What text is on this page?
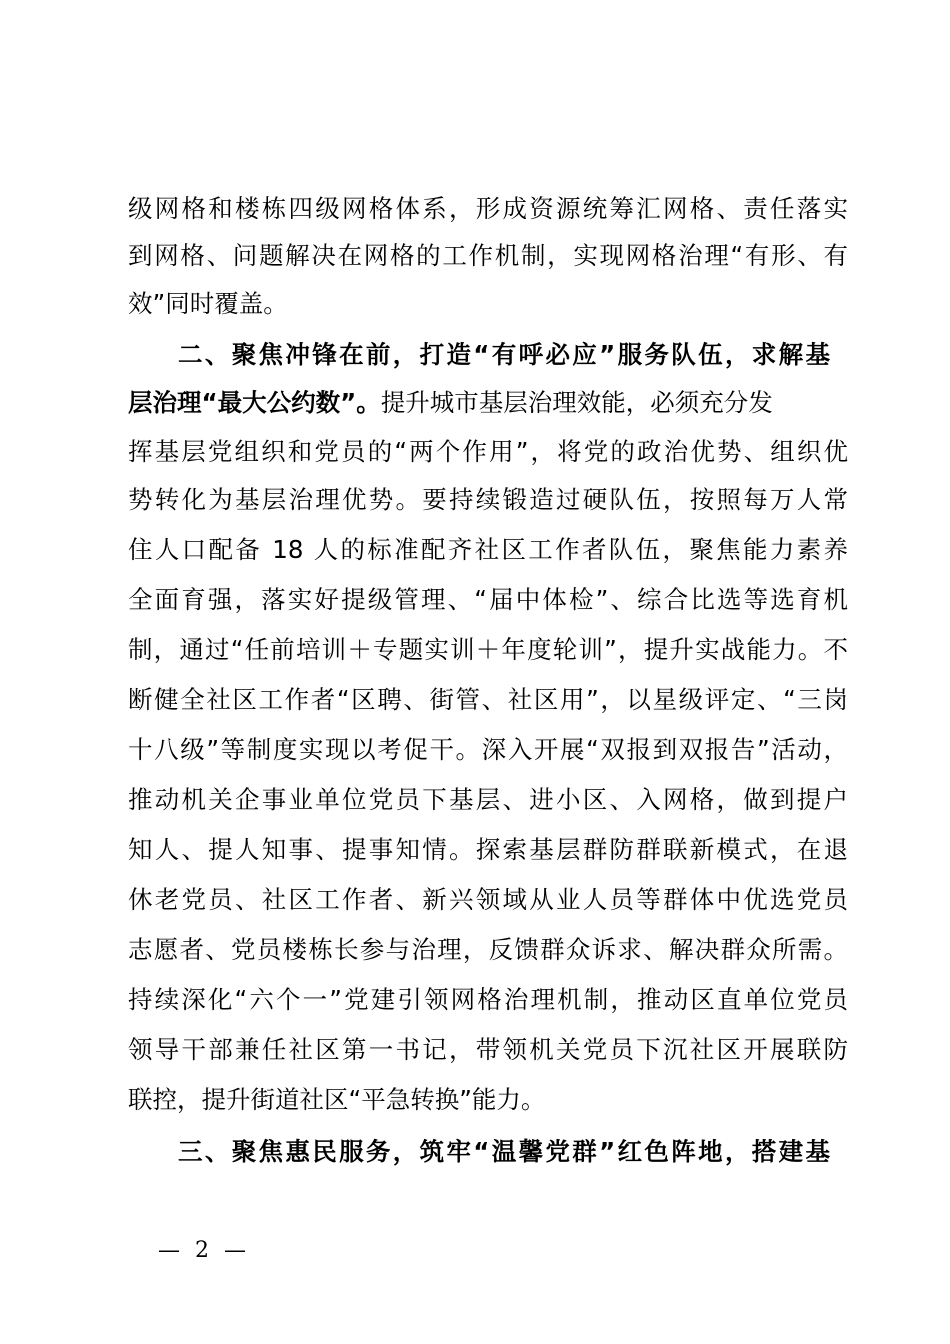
级网格和楼栋四级网格体系，形成资源统筹汇网格、责任落实
到网格、问题解决在网格的工作机制，实现网格治理“有形、有
效”同时覆盖。
二、聚焦冲锋在前，打造“有呼必应”服务队伍，求解基
层治理“最大公约数”。提升城市基层治理效能，必须充分发
挥基层党组织和党员的“两个作用”，将党的政治优势、组织优
势转化为基层治理优势。要持续锻造过硬队伍，按照每万人常
住人口配备 18 人的标准配齐社区工作者队伍，聚焦能力素养
全面育强，落实好提级管理、“届中体检”、综合比选等选育机
制，通过“任前培训＋专题实训＋年度轮训”，提升实战能力。不
断健全社区工作者“区聘、街管、社区用”，以星级评定、“三岗
十八级”等制度实现以考促干。深入开展“双报到双报告”活动，
推动机关企事业单位党员下基层、进小区、入网格，做到提户
知人、提人知事、提事知情。探索基层群防群联新模式，在退
休老党员、社区工作者、新兴领域从业人员等群体中优选党员
志愿者、党员楼栋长参与治理，反馈群众诉求、解决群众所需。
持续深化“六个一”党建引领网格治理机制，推动区直单位党员
领导干部兼任社区第一书记，带领机关党员下沉社区开展联防
联控，提升街道社区“平急转换”能力。
三、聚焦惠民服务，筑牢“温馨党群”红色阵地，搭建基
— 2 —
